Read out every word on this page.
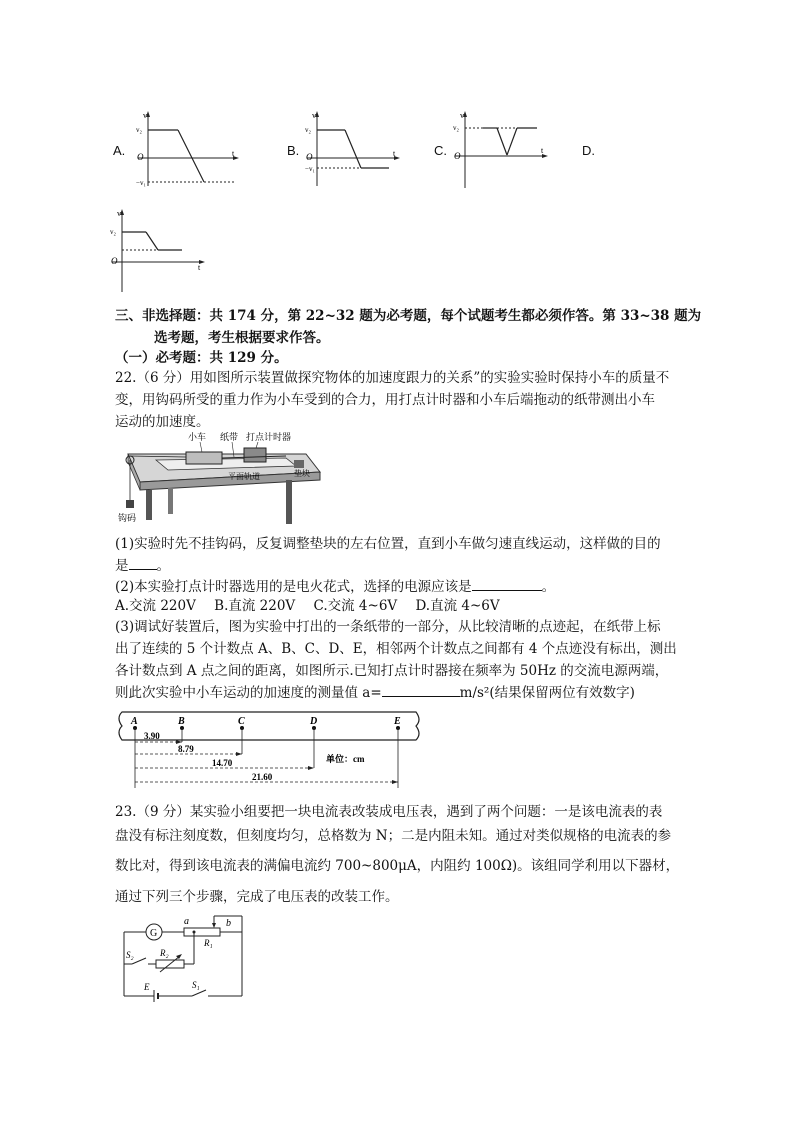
A.
v
v₂
O	t
−v₁
B.
v
v₂
O	t
−v₁
C.
v
v₂
O
t	D.
v
v₂
O
t
三、非选择题：共 174 分，第 22~32 题为必考题，每个试题考生都必须作答。第 33~38 题为
选考题，考生根据要求作答。
（一）必考题：共 129 分。
22.（6 分）用如图所示装置做探究物体的加速度跟力的关系”的实验实验时保持小车的质量不
变，用钩码所受的重力作为小车受到的合力，用打点计时器和小车后端拖动的纸带测出小车
运动的加速度。
小车 纸带 打点计时器
平面轨道	垫块
钩码
(1)实验时先不挂钩码，反复调整垫块的左右位置，直到小车做匀速直线运动，这样做的目的
是 。
(2)本实验打点计时器选用的是电火花式，选择的电源应该是	。
A.交流 220V B.直流 220V C.交流 4~6V D.直流 4~6V
(3)调试好装置后，图为实验中打出的一条纸带的一部分，从比较清晰的点迹起，在纸带上标
出了连续的 5 个计数点 A、B、C、D、E，相邻两个计数点之间都有 4 个点迹没有标出，测出
各计数点到 A 点之间的距离，如图所示.已知打点计时器接在频率为 50Hz 的交流电源两端，
则此次实验中小车运动的加速度的测量值 a=	m/s²(结果保留两位有效数字)
A	B	C	D	E
3.90
8.79
14.70
21.60
单位：cm
23.（9 分）某实验小组要把一块电流表改装成电压表，遇到了两个问题：一是该电流表的表
盘没有标注刻度数，但刻度均匀，总格数为 N；二是内阻未知。通过对类似规格的电流表的参
数比对，得到该电流表的满偏电流约 700~800μA，内阻约 100Ω)。该组同学利用以下器材，
通过下列三个步骤，完成了电压表的改装工作。
G
a	b
R₁
R₂
S₂
S₁
E
